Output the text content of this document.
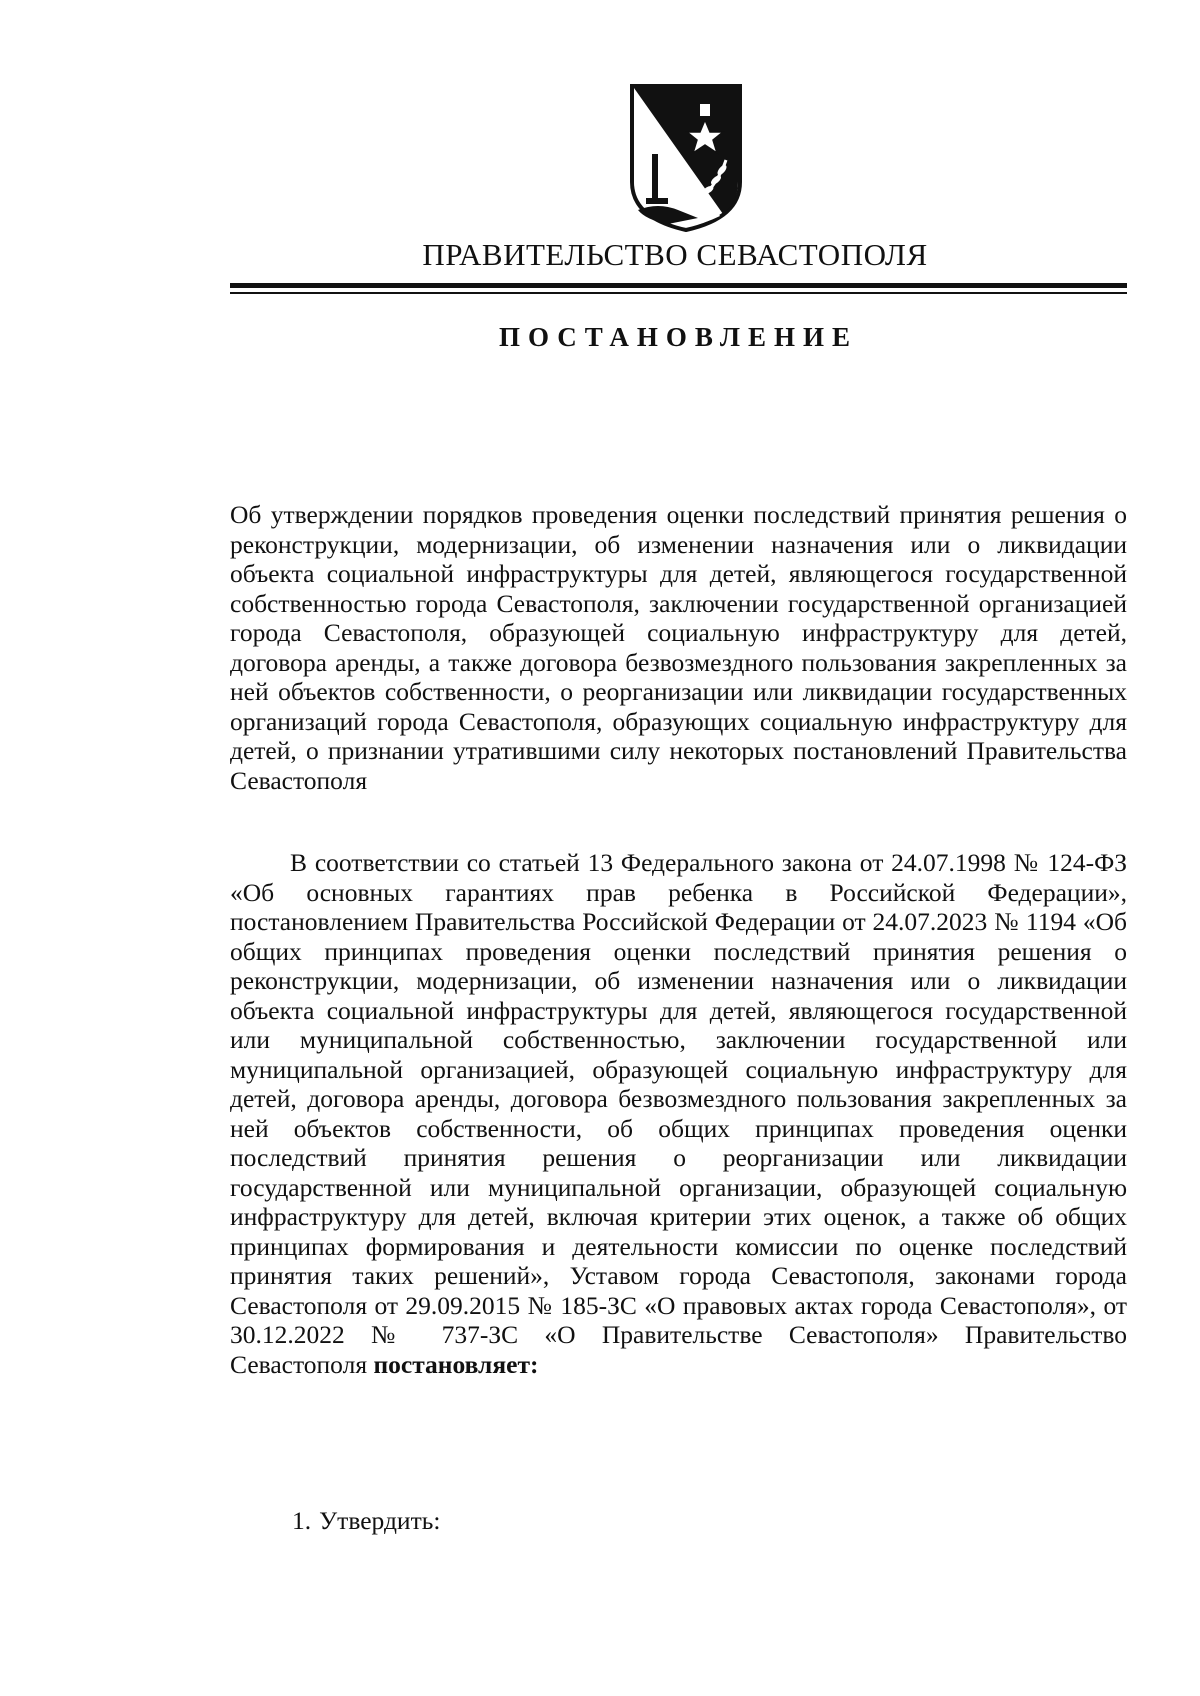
ПРАВИТЕЛЬСТВО СЕВАСТОПОЛЯ
ПОСТАНОВЛЕНИЕ
Об утверждении порядков проведения оценки последствий принятия решения о реконструкции, модернизации, об изменении назначения или о ликвидации объекта социальной инфраструктуры для детей, являющегося государственной собственностью города Севастополя, заключении государственной организацией города Севастополя, образующей социальную инфраструктуру для детей, договора аренды, а также договора безвозмездного пользования закрепленных за ней объектов собственности, о реорганизации или ликвидации государственных организаций города Севастополя, образующих социальную инфраструктуру для детей, о признании утратившими силу некоторых постановлений Правительства Севастополя
В соответствии со статьей 13 Федерального закона от 24.07.1998 № 124-ФЗ «Об основных гарантиях прав ребенка в Российской Федерации», постановлением Правительства Российской Федерации от 24.07.2023 № 1194 «Об общих принципах проведения оценки последствий принятия решения о реконструкции, модернизации, об изменении назначения или о ликвидации объекта социальной инфраструктуры для детей, являющегося государственной или муниципальной собственностью, заключении государственной или муниципальной организацией, образующей социальную инфраструктуру для детей, договора аренды, договора безвозмездного пользования закрепленных за ней объектов собственности, об общих принципах проведения оценки последствий принятия решения о реорганизации или ликвидации государственной или муниципальной организации, образующей социальную инфраструктуру для детей, включая критерии этих оценок, а также об общих принципах формирования и деятельности комиссии по оценке последствий принятия таких решений», Уставом города Севастополя, законами города Севастополя от 29.09.2015 № 185-ЗС «О правовых актах города Севастополя», от 30.12.2022 № 737-ЗС «О Правительстве Севастополя» Правительство Севастополя постановляет:
1. Утвердить:
